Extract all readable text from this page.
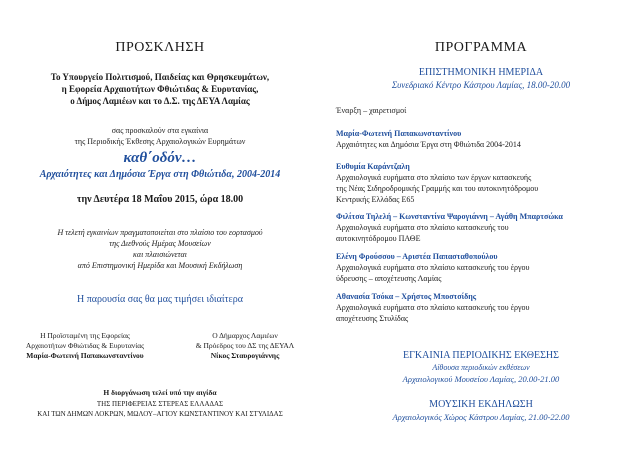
ΠΡΟΣΚΛΗΣΗ
Το Υπουργείο Πολιτισμού, Παιδείας και Θρησκευμάτων,
η Εφορεία Αρχαιοτήτων Φθιώτιδας & Ευρυτανίας,
ο Δήμος Λαμιέων και το Δ.Σ. της ΔΕΥΑ Λαμίας
σας προσκαλούν στα εγκαίνια
της Περιοδικής Έκθεσης Αρχαιολογικών Ευρημάτων
καθ΄οδόν…
Αρχαιότητες και Δημόσια Έργα στη Φθιώτιδα, 2004-2014
την Δευτέρα 18 Μαΐου 2015, ώρα 18.00
Η τελετή εγκαινίων πραγματοποιείται στο πλαίσιο του εορτασμού
της Διεθνούς Ημέρας Μουσείων
και πλαισιώνεται
από Επιστημονική Ημερίδα και Μουσική Εκδήλωση
Η παρουσία σας θα μας τιμήσει ιδιαίτερα
Η Προϊσταμένη της Εφορείας
Αρχαιοτήτων Φθιώτιδας & Ευρυτανίας
Μαρία-Φωτεινή Παπακωνσταντίνου
Ο Δήμαρχος Λαμιέων
& Πρόεδρος του ΔΣ της ΔΕΥΑΛ
Νίκος Σταυρογιάννης
Η διοργάνωση τελεί υπό την αιγίδα
ΤΗΣ ΠΕΡΙΦΕΡΕΙΑΣ ΣΤΕΡΕΑΣ ΕΛΛΑΔΑΣ
ΚΑΙ ΤΩΝ ΔΗΜΩΝ ΛΟΚΡΩΝ, ΜΩΛΟΥ–ΑΓΙΟΥ ΚΩΝΣΤΑΝΤΙΝΟΥ ΚΑΙ ΣΤΥΛΙΔΑΣ
ΠΡΟΓΡΑΜΜΑ
ΕΠΙΣΤΗΜΟΝΙΚΗ ΗΜΕΡΙΔΑ
Συνεδριακό Κέντρο Κάστρου Λαμίας, 18.00-20.00
Έναρξη – χαιρετισμοί
Μαρία-Φωτεινή Παπακωνσταντίνου
Αρχαιότητες και Δημόσια Έργα στη Φθιώτιδα 2004-2014
Ευθυμία Καράντζαλη
Αρχαιολογικά ευρήματα στο πλαίσιο των έργων κατασκευής
της Νέας Σιδηροδρομικής Γραμμής και του αυτοκινητόδρομου
Κεντρικής Ελλάδας Ε65
Φιλίτσα Τηλελή – Κωνσταντίνα Ψαρογιάννη – Αγάθη Μπαρτσώκα
Αρχαιολογικά ευρήματα στο πλαίσιο κατασκευής του
αυτοκινητόδρομου ΠΑΘΕ
Ελένη Φρούσσου – Αριστέα Παπασταθοπούλου
Αρχαιολογικά ευρήματα στο πλαίσιο κατασκευής του έργου
ύδρευσης – αποχέτευσης Λαμίας
Αθανασία Τσόκα – Χρήστος Μποστσίδης
Αρχαιολογικά ευρήματα στο πλαίσιο κατασκευής του έργου
αποχέτευσης Στυλίδας
ΕΓΚΑΙΝΙΑ ΠΕΡΙΟΔΙΚΗΣ ΕΚΘΕΣΗΣ
Αίθουσα περιοδικών εκθέσεων
Αρχαιολογικού Μουσείου Λαμίας, 20.00-21.00
ΜΟΥΣΙΚΗ ΕΚΔΗΛΩΣΗ
Αρχαιολογικός Χώρος Κάστρου Λαμίας, 21.00-22.00
